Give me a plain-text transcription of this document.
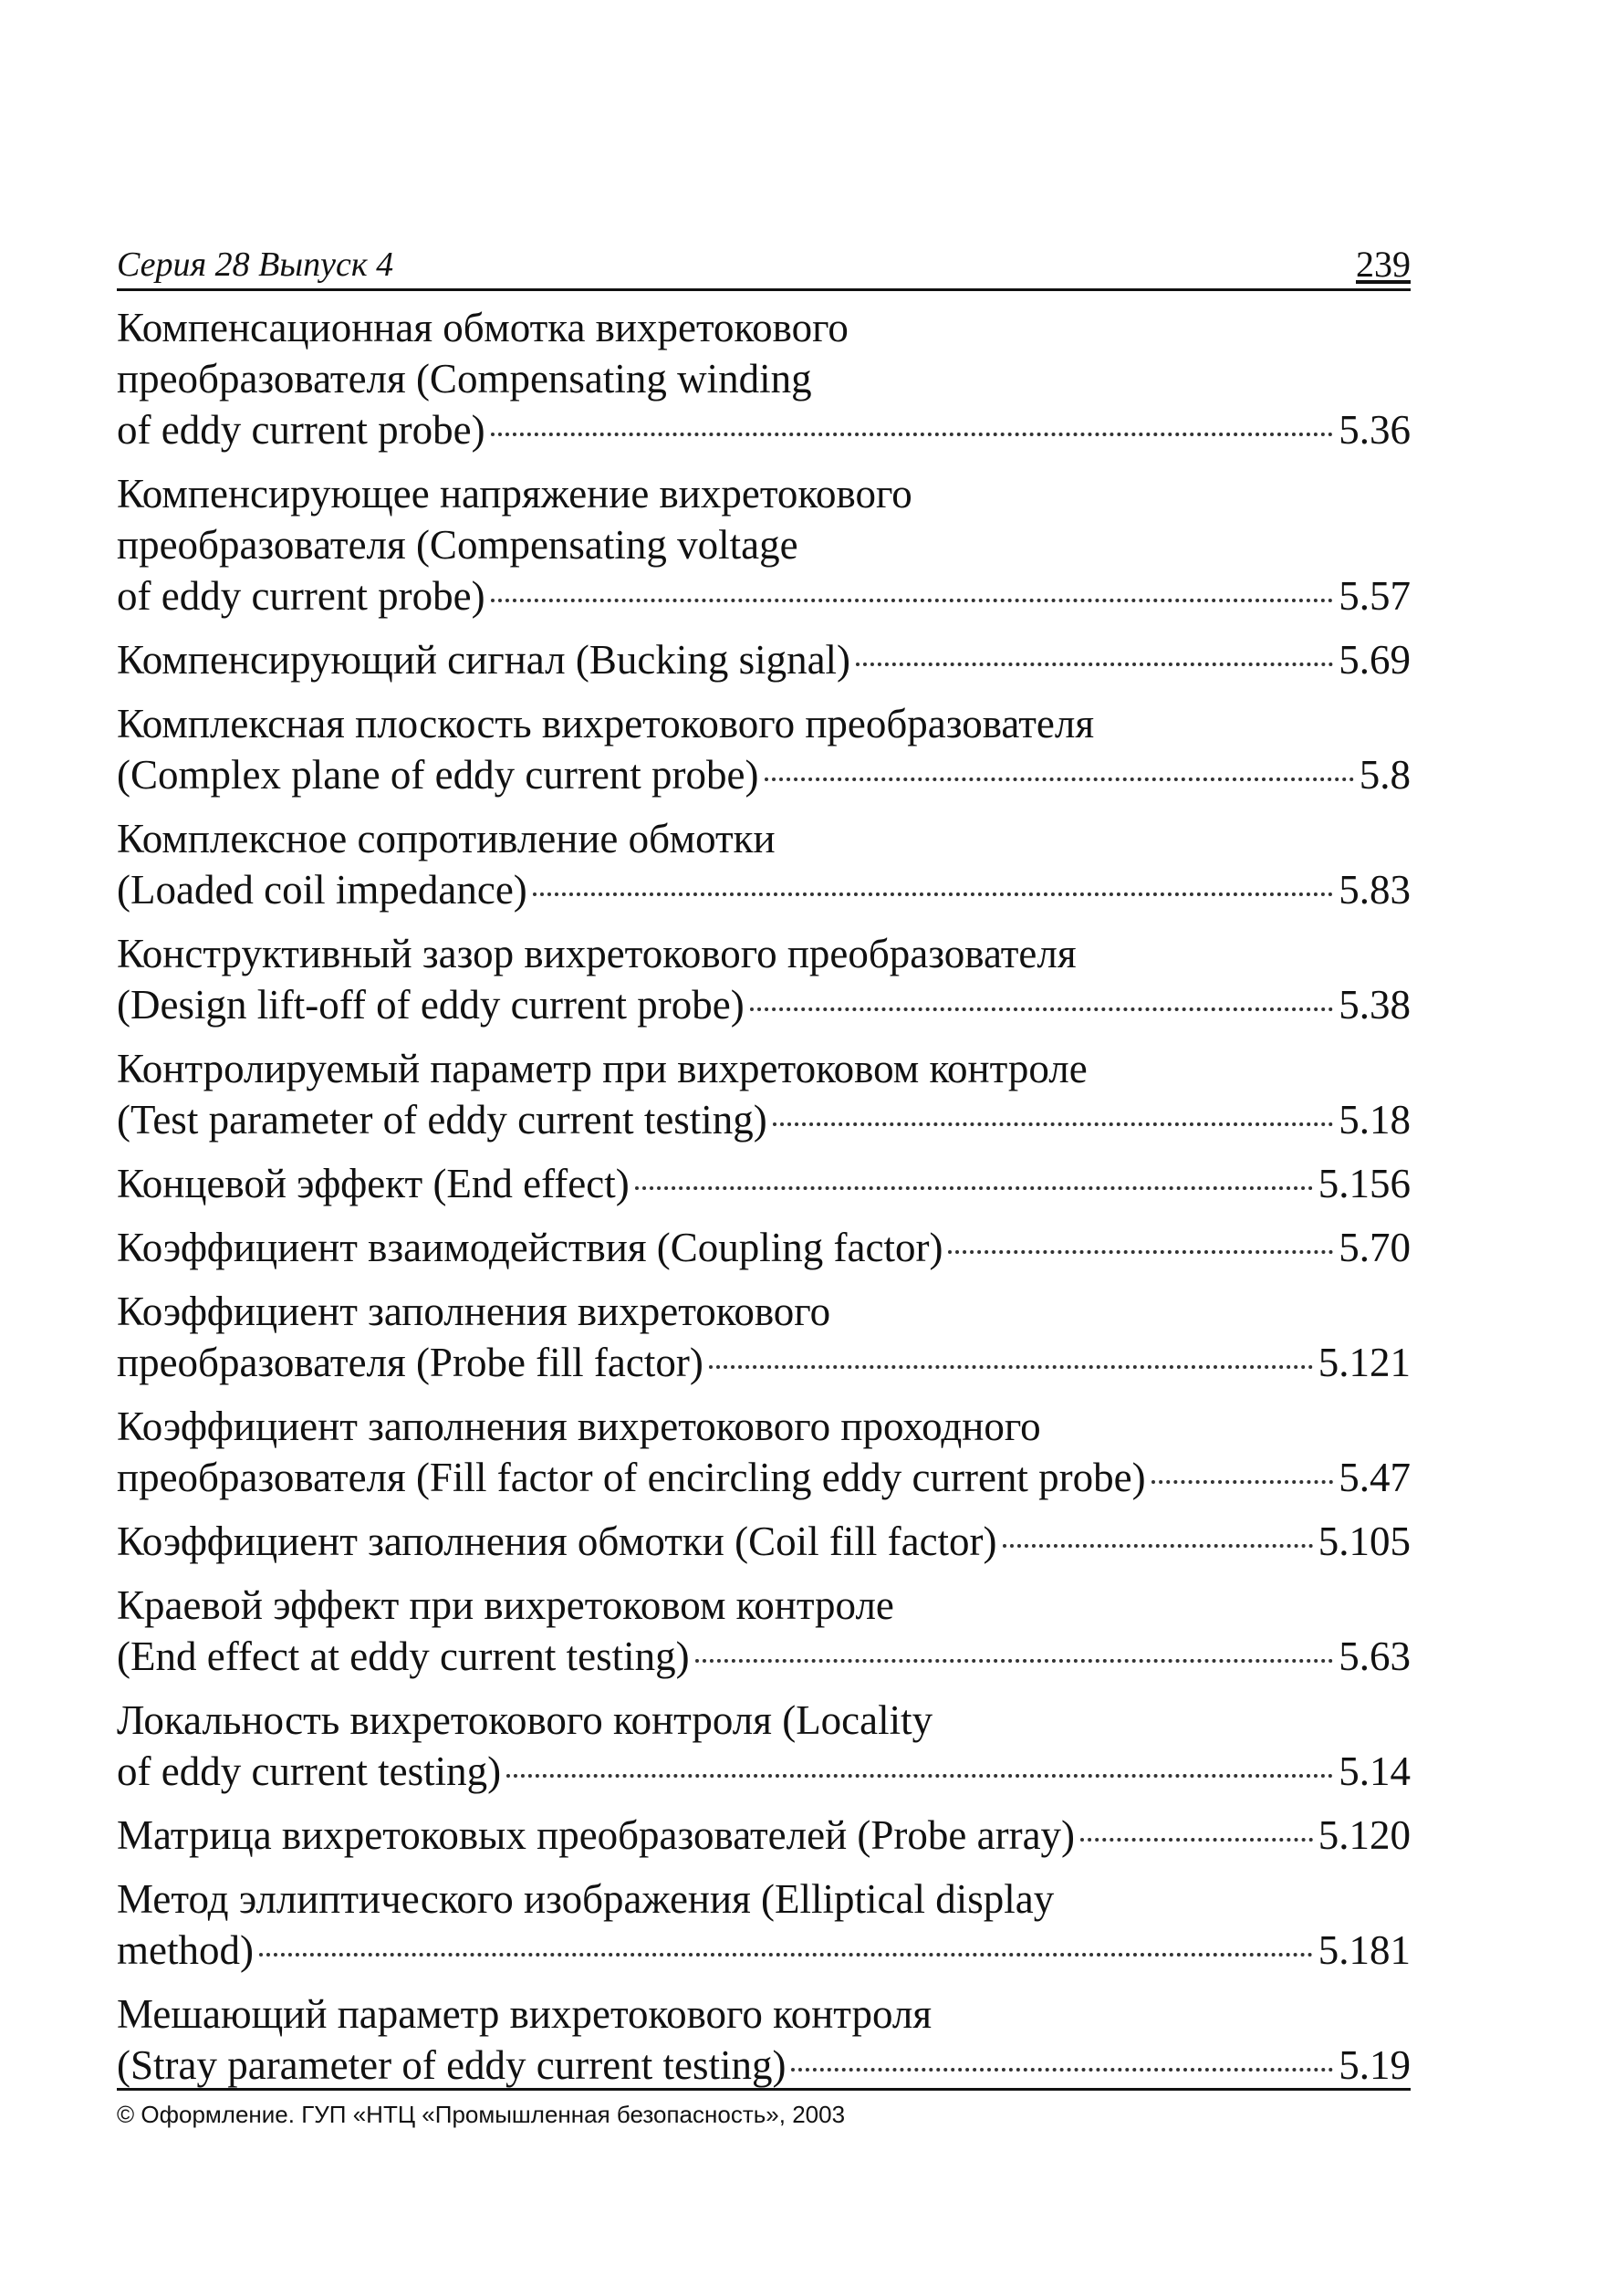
Серия 28 Выпуск 4	239
Компенсационная обмотка вихретокового
преобразователя (Compensating winding
of eddy current probe)	5.36
Компенсирующее напряжение вихретокового
преобразователя (Compensating voltage
of eddy current probe)	5.57
Компенсирующий сигнал (Bucking signal)	5.69
Комплексная плоскость вихретокового преобразователя
(Complex plane of eddy current probe)	5.8
Комплексное сопротивление обмотки
(Loaded coil impedance)	5.83
Конструктивный зазор вихретокового преобразователя
(Design lift-off of eddy current probe)	5.38
Контролируемый параметр при вихретоковом контроле
(Test parameter of eddy current testing)	5.18
Концевой эффект (End effect)	5.156
Коэффициент взаимодействия (Coupling factor)	5.70
Коэффициент заполнения вихретокового
преобразователя (Probe fill factor)	5.121
Коэффициент заполнения вихретокового проходного
преобразователя (Fill factor of encircling eddy current probe)	5.47
Коэффициент заполнения обмотки (Coil fill factor)	5.105
Краевой эффект при вихретоковом контроле
(End effect at eddy current testing)	5.63
Локальность вихретокового контроля (Locality
of eddy current testing)	5.14
Матрица вихретоковых преобразователей (Probe array)	5.120
Метод эллиптического изображения (Elliptical display
method)	5.181
Мешающий параметр вихретокового контроля
(Stray parameter of eddy current testing)	5.19
© Оформление. ГУП «НТЦ «Промышленная безопасность», 2003
